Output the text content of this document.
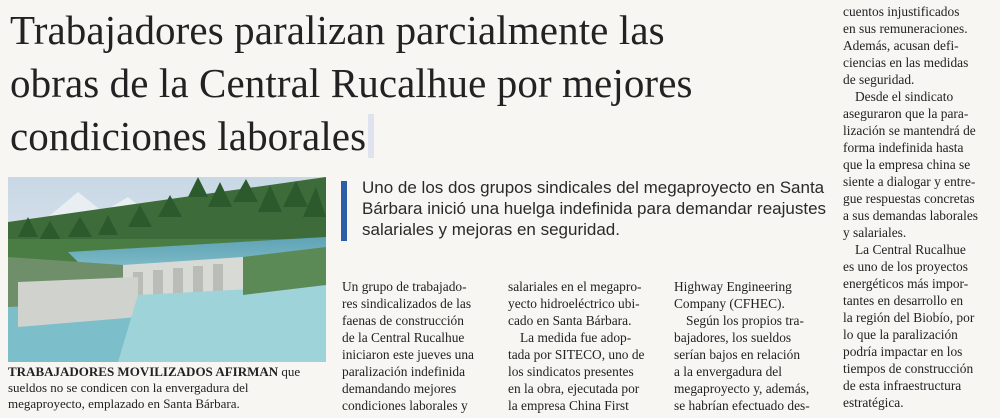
Trabajadores paralizan parcialmente las
obras de la Central Rucalhue por mejores
condiciones laborales

TRABAJADORES MOVILIZADOS AFIRMAN que sueldos no se condicen con la envergadura del megaproyecto, emplazado en Santa Bárbara.

Uno de los dos grupos sindicales del megaproyecto en Santa Bárbara inició una huelga indefinida para demandar reajustes salariales y mejoras en seguridad.

Un grupo de trabajado-
res sindicalizados de las
faenas de construcción
de la Central Rucalhue
iniciaron este jueves una
paralización indefinida
demandando mejores
condiciones laborales y

salariales en el megapro-
yecto hidroeléctrico ubi-
cado en Santa Bárbara.

La medida fue adop-

tada por SITECO, uno de
los sindicatos presentes
en la obra, ejecutada por
la empresa China First

Highway Engineering
Company (CFHEC).

Según los propios tra-
bajadores, los sueldos
serían bajos en relación
a la envergadura del
megaproyecto y, además,
se habrían efectuado des-

cuentos injustificados
en sus remuneraciones.
Además, acusan defi-
ciencias en las medidas
de seguridad.

Desde el sindicato
aseguraron que la para-
lización se mantendrá de
forma indefinida hasta
que la empresa china se
siente a dialogar y entre-
gue respuestas concretas
a sus demandas laborales
y salariales.

La Central Rucalhue
es uno de los proyectos
energéticos más impor-
tantes en desarrollo en
la región del Biobío, por
lo que la paralización
podría impactar en los
tiempos de construcción
de esta infraestructura
estratégica.
